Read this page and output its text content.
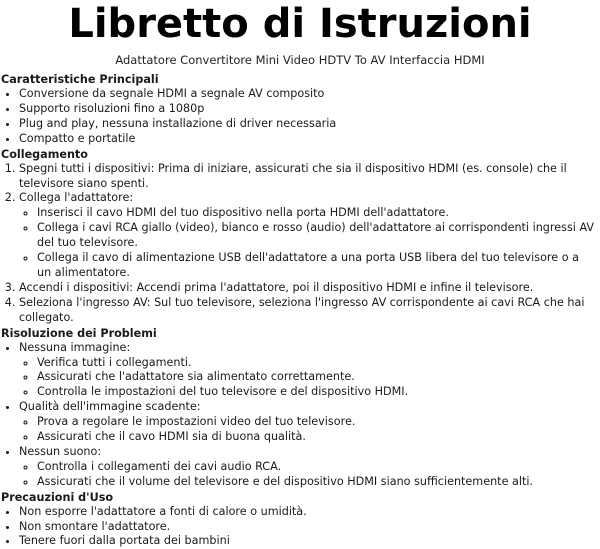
Libretto di Istruzioni
Adattatore Convertitore Mini Video HDTV To AV Interfaccia HDMI
Caratteristiche Principali
• Conversione da segnale HDMI a segnale AV composito
• Supporto risoluzioni fino a 1080p
• Plug and play, nessuna installazione di driver necessaria
• Compatto e portatile
Collegamento
1. Spegni tutti i dispositivi: Prima di iniziare, assicurati che sia il dispositivo HDMI (es. console) che il televisore siano spenti.
2. Collega l'adattatore:
◦ Inserisci il cavo HDMI del tuo dispositivo nella porta HDMI dell'adattatore.
◦ Collega i cavi RCA giallo (video), bianco e rosso (audio) dell'adattatore ai corrispondenti ingressi AV del tuo televisore.
◦ Collega il cavo di alimentazione USB dell'adattatore a una porta USB libera del tuo televisore o a un alimentatore.
3. Accendi i dispositivi: Accendi prima l'adattatore, poi il dispositivo HDMI e infine il televisore.
4. Seleziona l'ingresso AV: Sul tuo televisore, seleziona l'ingresso AV corrispondente ai cavi RCA che hai collegato.
Risoluzione dei Problemi
• Nessuna immagine:
◦ Verifica tutti i collegamenti.
◦ Assicurati che l'adattatore sia alimentato correttamente.
◦ Controlla le impostazioni del tuo televisore e del dispositivo HDMI.
• Qualità dell'immagine scadente:
◦ Prova a regolare le impostazioni video del tuo televisore.
◦ Assicurati che il cavo HDMI sia di buona qualità.
• Nessun suono:
◦ Controlla i collegamenti dei cavi audio RCA.
◦ Assicurati che il volume del televisore e del dispositivo HDMI siano sufficientemente alti.
Precauzioni d'Uso
• Non esporre l'adattatore a fonti di calore o umidità.
• Non smontare l'adattatore.
• Tenere fuori dalla portata dei bambini
